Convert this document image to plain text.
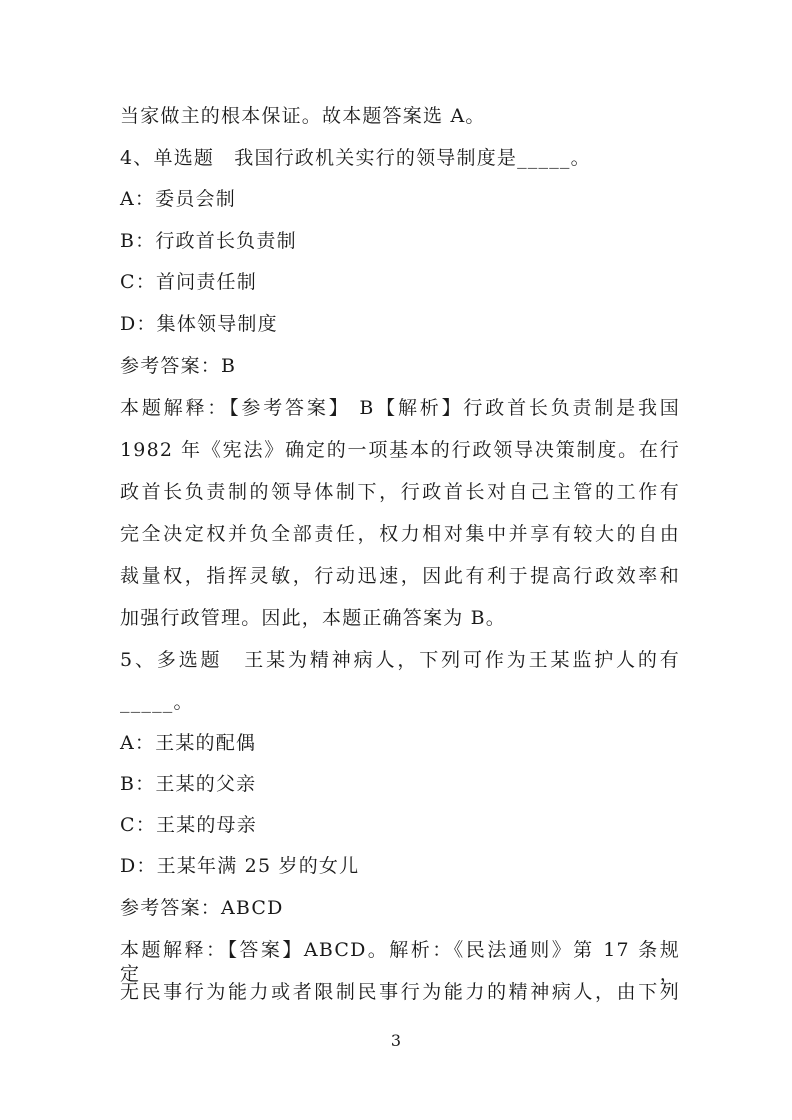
当家做主的根本保证。故本题答案选 A。
4、单选题　我国行政机关实行的领导制度是_____。
A：委员会制
B：行政首长负责制
C：首问责任制
D：集体领导制度
参考答案：B
本题解释：【参考答案】 B【解析】行政首长负责制是我国
1982 年《宪法》确定的一项基本的行政领导决策制度。在行
政首长负责制的领导体制下，行政首长对自己主管的工作有
完全决定权并负全部责任，权力相对集中并享有较大的自由
裁量权，指挥灵敏，行动迅速，因此有利于提高行政效率和
加强行政管理。因此，本题正确答案为 B。
5、多选题　王某为精神病人，下列可作为王某监护人的有
_____。
A：王某的配偶
B：王某的父亲
C：王某的母亲
D：王某年满 25 岁的女儿
参考答案：ABCD
本题解释：【答案】ABCD。解析：《民法通则》第 17 条规定，
无民事行为能力或者限制民事行为能力的精神病人，由下列
3
